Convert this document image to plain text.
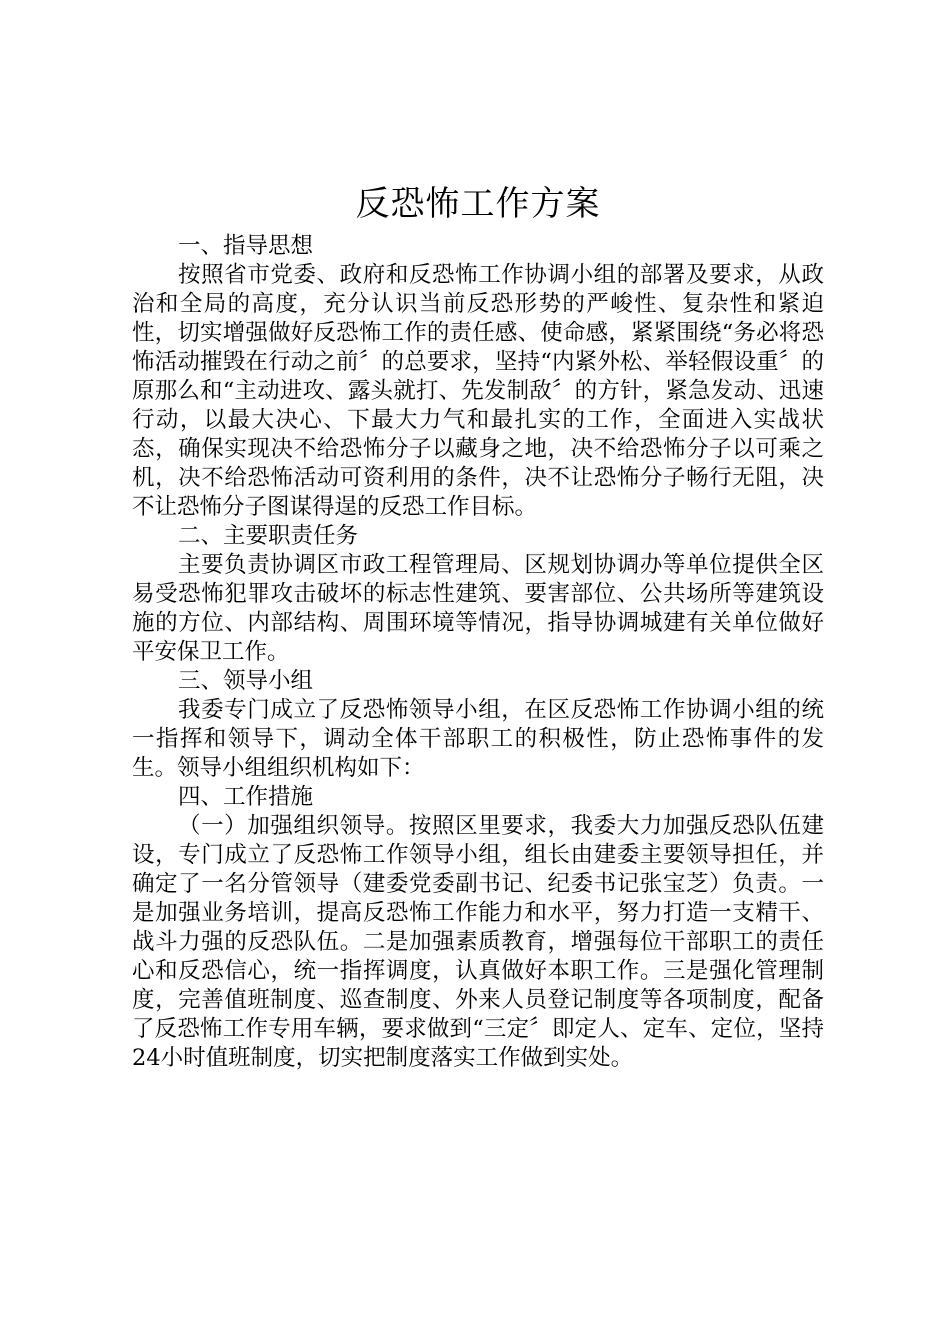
反恐怖工作方案

一、指导思想

按照省市党委、政府和反恐怖工作协调小组的部署及要求，从政治和全局的高度，充分认识当前反恐形势的严峻性、复杂性和紧迫性，切实增强做好反恐怖工作的责任感、使命感，紧紧围绕“务必将恐怖活动摧毁在行动之前〞的总要求，坚持“内紧外松、举轻假设重〞的原那么和“主动进攻、露头就打、先发制敌〞的方针，紧急发动、迅速行动，以最大决心、下最大力气和最扎实的工作，全面进入实战状态，确保实现决不给恐怖分子以藏身之地，决不给恐怖分子以可乘之机，决不给恐怖活动可资利用的条件，决不让恐怖分子畅行无阻，决不让恐怖分子图谋得逞的反恐工作目标。

二、主要职责任务

主要负责协调区市政工程管理局、区规划协调办等单位提供全区易受恐怖犯罪攻击破坏的标志性建筑、要害部位、公共场所等建筑设施的方位、内部结构、周围环境等情况，指导协调城建有关单位做好平安保卫工作。

三、领导小组

我委专门成立了反恐怖领导小组，在区反恐怖工作协调小组的统一指挥和领导下，调动全体干部职工的积极性，防止恐怖事件的发生。领导小组组织机构如下：

四、工作措施

（一）加强组织领导。按照区里要求，我委大力加强反恐队伍建设，专门成立了反恐怖工作领导小组，组长由建委主要领导担任，并确定了一名分管领导（建委党委副书记、纪委书记张宝芝）负责。一是加强业务培训，提高反恐怖工作能力和水平，努力打造一支精干、战斗力强的反恐队伍。二是加强素质教育，增强每位干部职工的责任心和反恐信心，统一指挥调度，认真做好本职工作。三是强化管理制度，完善值班制度、巡查制度、外来人员登记制度等各项制度，配备了反恐怖工作专用车辆，要求做到“三定〞即定人、定车、定位，坚持24小时值班制度，切实把制度落实工作做到实处。
